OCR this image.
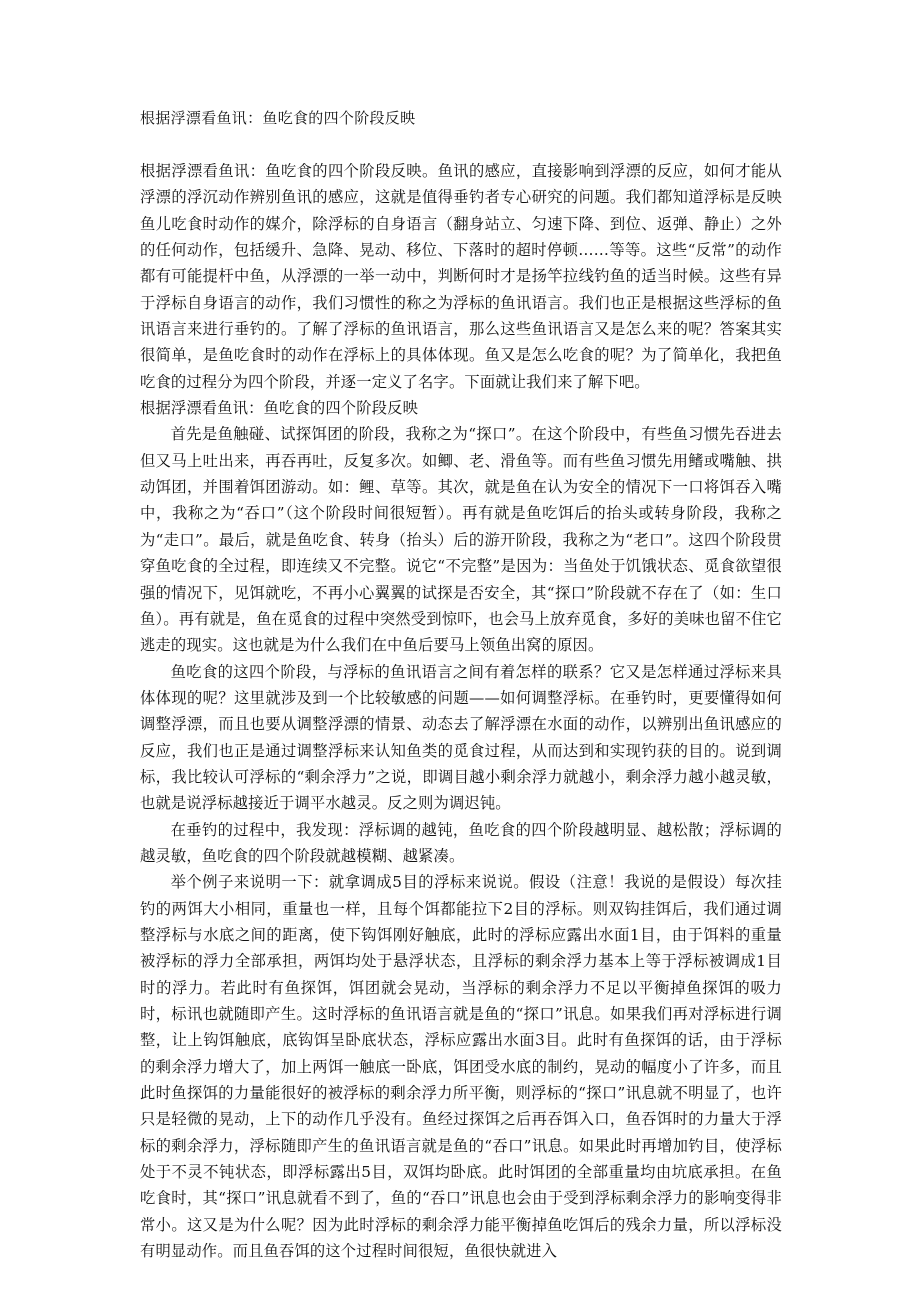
根据浮漂看鱼讯：鱼吃食的四个阶段反映

根据浮漂看鱼讯：鱼吃食的四个阶段反映。鱼讯的感应，直接影响到浮漂的反应，如何才能从浮漂的浮沉动作辨别鱼讯的感应，这就是值得垂钓者专心研究的问题。我们都知道浮标是反映鱼儿吃食时动作的媒介，除浮标的自身语言（翻身站立、匀速下降、到位、返弹、静止）之外的任何动作，包括缓升、急降、晃动、移位、下落时的超时停顿……等等。这些“反常”的动作都有可能提杆中鱼，从浮漂的一举一动中，判断何时才是扬竿拉线钓鱼的适当时候。这些有异于浮标自身语言的动作，我们习惯性的称之为浮标的鱼讯语言。我们也正是根据这些浮标的鱼讯语言来进行垂钓的。了解了浮标的鱼讯语言，那么这些鱼讯语言又是怎么来的呢？答案其实很简单，是鱼吃食时的动作在浮标上的具体体现。鱼又是怎么吃食的呢？为了简单化，我把鱼吃食的过程分为四个阶段，并逐一定义了名字。下面就让我们来了解下吧。

根据浮漂看鱼讯：鱼吃食的四个阶段反映

首先是鱼触碰、试探饵团的阶段，我称之为“探口”。在这个阶段中，有些鱼习惯先吞进去但又马上吐出来，再吞再吐，反复多次。如鲫、老、滑鱼等。而有些鱼习惯先用鳍或嘴触、拱动饵团，并围着饵团游动。如：鲤、草等。其次，就是鱼在认为安全的情况下一口将饵吞入嘴中，我称之为“吞口”（这个阶段时间很短暂）。再有就是鱼吃饵后的抬头或转身阶段，我称之为“走口”。最后，就是鱼吃食、转身（抬头）后的游开阶段，我称之为“老口”。这四个阶段贯穿鱼吃食的全过程，即连续又不完整。说它“不完整”是因为：当鱼处于饥饿状态、觅食欲望很强的情况下，见饵就吃，不再小心翼翼的试探是否安全，其“探口”阶段就不存在了（如：生口鱼）。再有就是，鱼在觅食的过程中突然受到惊吓，也会马上放弃觅食，多好的美味也留不住它逃走的现实。这也就是为什么我们在中鱼后要马上领鱼出窝的原因。

鱼吃食的这四个阶段，与浮标的鱼讯语言之间有着怎样的联系？它又是怎样通过浮标来具体体现的呢？这里就涉及到一个比较敏感的问题——如何调整浮标。在垂钓时，更要懂得如何调整浮漂，而且也要从调整浮漂的情景、动态去了解浮漂在水面的动作，以辨别出鱼讯感应的反应，我们也正是通过调整浮标来认知鱼类的觅食过程，从而达到和实现钓获的目的。说到调标，我比较认可浮标的“剩余浮力”之说，即调目越小剩余浮力就越小，剩余浮力越小越灵敏，也就是说浮标越接近于调平水越灵。反之则为调迟钝。

在垂钓的过程中，我发现：浮标调的越钝，鱼吃食的四个阶段越明显、越松散；浮标调的越灵敏，鱼吃食的四个阶段就越模糊、越紧凑。

举个例子来说明一下：就拿调成5目的浮标来说说。假设（注意！我说的是假设）每次挂钓的两饵大小相同，重量也一样，且每个饵都能拉下2目的浮标。则双钩挂饵后，我们通过调整浮标与水底之间的距离，使下钩饵刚好触底，此时的浮标应露出水面1目，由于饵料的重量被浮标的浮力全部承担，两饵均处于悬浮状态，且浮标的剩余浮力基本上等于浮标被调成1目时的浮力。若此时有鱼探饵，饵团就会晃动，当浮标的剩余浮力不足以平衡掉鱼探饵的吸力时，标讯也就随即产生。这时浮标的鱼讯语言就是鱼的“探口”讯息。如果我们再对浮标进行调整，让上钩饵触底，底钩饵呈卧底状态，浮标应露出水面3目。此时有鱼探饵的话，由于浮标的剩余浮力增大了，加上两饵一触底一卧底，饵团受水底的制约，晃动的幅度小了许多，而且此时鱼探饵的力量能很好的被浮标的剩余浮力所平衡，则浮标的“探口”讯息就不明显了，也许只是轻微的晃动，上下的动作几乎没有。鱼经过探饵之后再吞饵入口，鱼吞饵时的力量大于浮标的剩余浮力，浮标随即产生的鱼讯语言就是鱼的“吞口”讯息。如果此时再增加钓目，使浮标处于不灵不钝状态，即浮标露出5目，双饵均卧底。此时饵团的全部重量均由坑底承担。在鱼吃食时，其“探口”讯息就看不到了，鱼的“吞口”讯息也会由于受到浮标剩余浮力的影响变得非常小。这又是为什么呢？因为此时浮标的剩余浮力能平衡掉鱼吃饵后的残余力量，所以浮标没有明显动作。而且鱼吞饵的这个过程时间很短，鱼很快就进入
